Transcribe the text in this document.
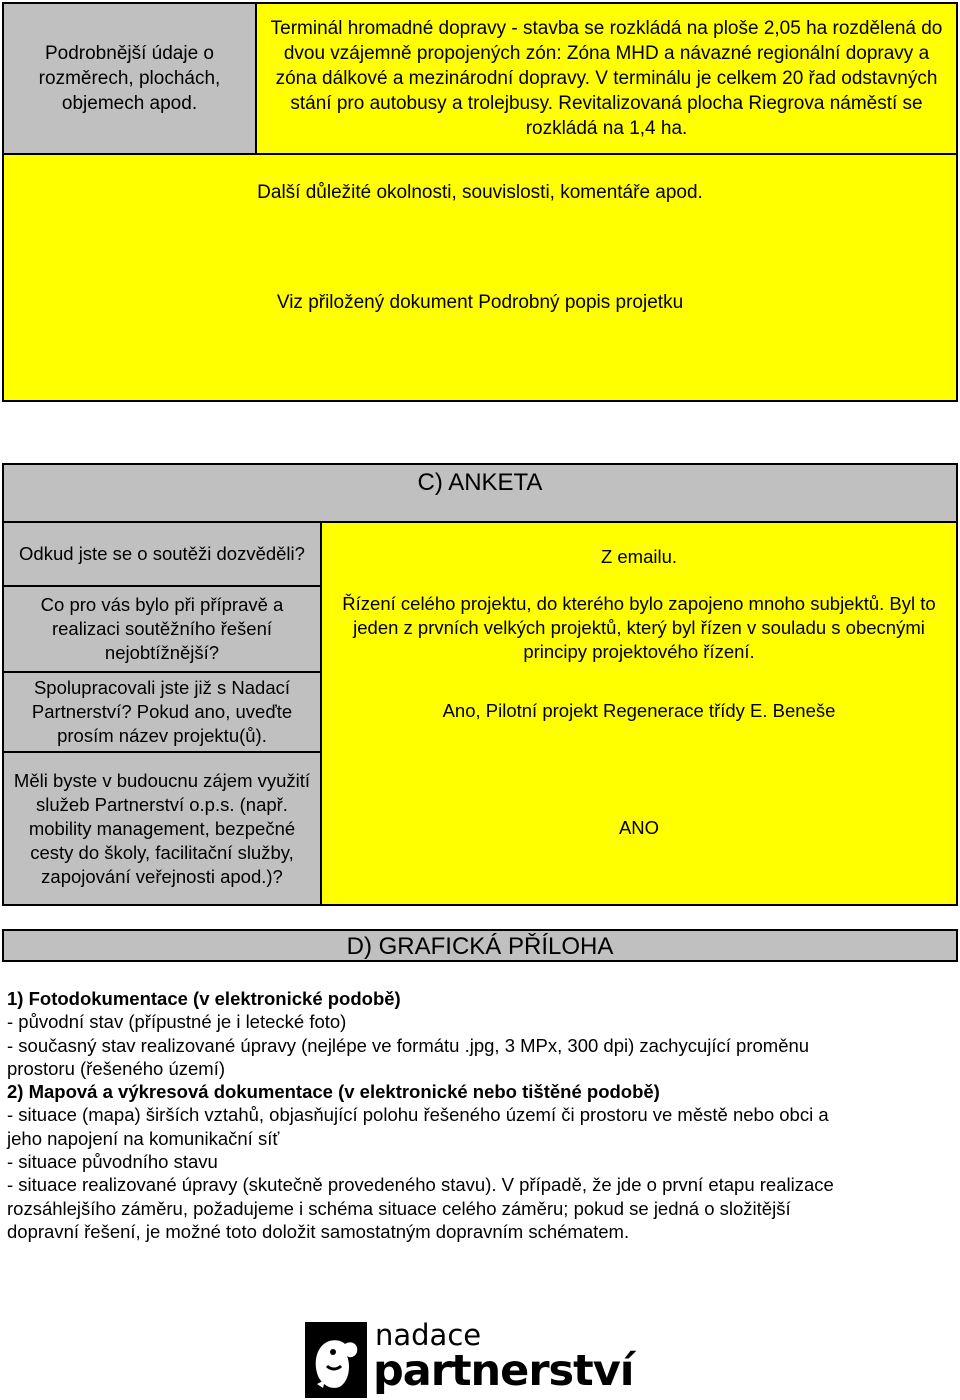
Podrobnější údaje o rozměrech, plochách, objemech apod.
Terminál hromadné dopravy - stavba se rozkládá na ploše 2,05 ha rozdělená do dvou vzájemně propojených zón: Zóna MHD a návazné regionální dopravy a zóna dálkové a mezinárodní dopravy. V terminálu je celkem 20 řad odstavných stání pro autobusy a trolejbusy. Revitalizovaná plocha Riegrova náměstí se rozkládá na 1,4 ha.
Další důležité okolnosti, souvislosti, komentáře apod.
Viz přiložený dokument Podrobný popis projetku
C) ANKETA
Odkud jste se o soutěži dozvěděli?
Co pro vás bylo při přípravě a realizaci soutěžního řešení nejobtížnější?
Spolupracovali jste již s Nadací Partnerství? Pokud ano, uveďte prosím název projektu(ů).
Měli byste v budoucnu zájem využití služeb Partnerství o.p.s. (např. mobility management, bezpečné cesty do školy, facilitační služby, zapojování veřejnosti apod.)?
Z emailu.
Řízení celého projektu, do kterého bylo zapojeno mnoho subjektů. Byl to jeden z prvních velkých projektů, který byl řízen v souladu s obecnými principy projektového řízení.
Ano, Pilotní projekt Regenerace třídy E. Beneše
ANO
D) GRAFICKÁ PŘÍLOHA
1) Fotodokumentace (v elektronické podobě)
- původní stav (přípustné je i letecké foto)
- současný stav realizované úpravy (nejlépe ve formátu .jpg, 3 MPx, 300 dpi) zachycující proměnu
prostoru (řešeného území)
2) Mapová a výkresová dokumentace (v elektronické nebo tištěné podobě)
- situace (mapa) širších vztahů, objasňující polohu řešeného území či prostoru ve městě nebo obci a
jeho napojení na komunikační síť
- situace původního stavu
- situace realizované úpravy (skutečně provedeného stavu). V případě, že jde o první etapu realizace
rozsáhlejšího záměru, požadujeme i schéma situace celého záměru; pokud se jedná o složitější
dopravní řešení, je možné toto doložit samostatným dopravním schématem.
nadace
partnerství
